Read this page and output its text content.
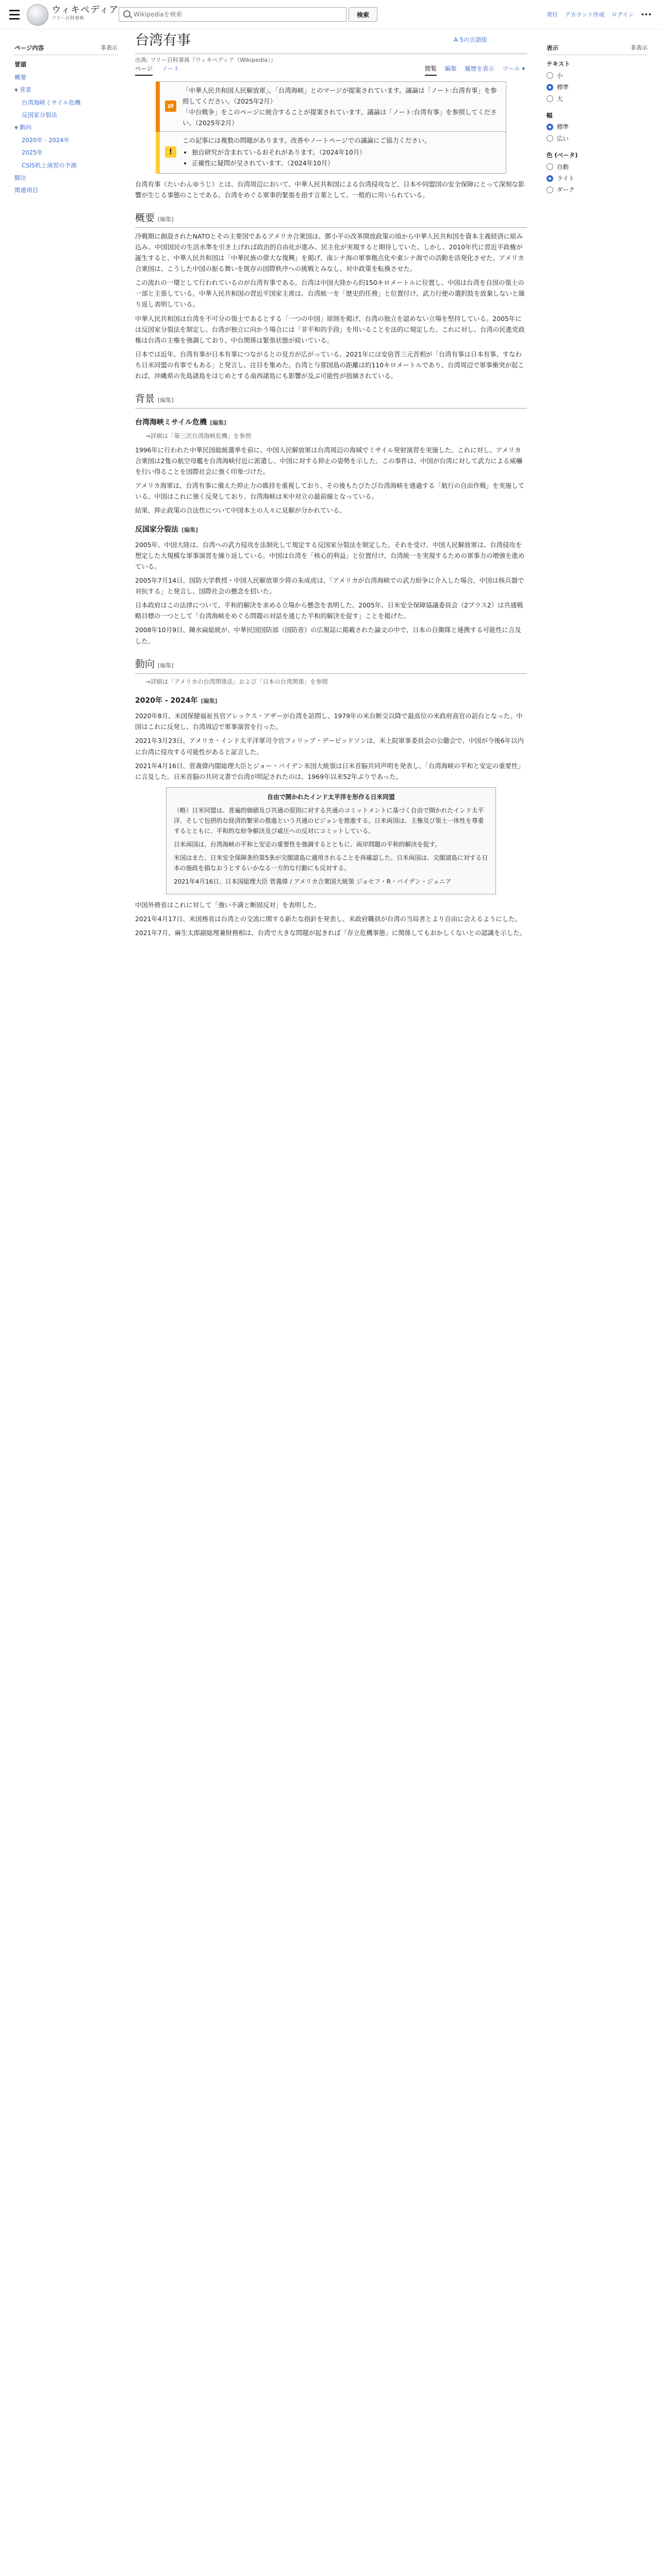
ウィキペディア
フリー百科事典
Wikipediaを検索
検索	寄付 アカウント作成 ログイン •••
非表示
ページ内容
冒頭
概要
▼ 背景
台湾海峡ミサイル危機
反国家分裂法
▼ 動向
2020年 - 2024年
2025年
CSIS机上演習の予測
脚注
関連項目
台湾有事	A 5の言語版
出典: フリー百科事典『ウィキペディア（Wikipedia）』
ページ ノート	閲覧 編集 履歴を表示 ツール ▾
非表示
表示
テキスト
小
標準
大
幅
標準
広い
色 (ベータ)
自動
ライト
ダーク
⇄
「中華人民共和国人民解放軍」、「台湾海峡」とのマージが提案されています。議論は「ノート:台湾有事」を参照してください。（2025年2月）
「中台戦争」をこのページに統合することが提案されています。議論は「ノート:台湾有事」を参照してください。（2025年2月）
!
この記事には複数の問題があります。改善やノートページでの議論にご協力ください。
• 独自研究が含まれているおそれがあります。（2024年10月）
• 正確性に疑問が呈されています。（2024年10月）

台湾有事（たいわんゆうじ）とは、台湾周辺において、中華人民共和国による台湾侵攻など、日本や同盟国の安全保障にとって深刻な影響が生じる事態のことである。台湾をめぐる軍事的緊張を指す言葉として、一般的に用いられている。

概要 [編集]

冷戦期に創設されたNATOとその主要国であるアメリカ合衆国は、鄧小平の改革開放政策の頃から中華人民共和国を資本主義経済に組み込み、中国国民の生活水準を引き上げれば政治的自由化が進み、民主化が実現すると期待していた。しかし、2010年代に習近平政権が誕生すると、中華人民共和国は「中華民族の偉大な復興」を掲げ、南シナ海の軍事拠点化や東シナ海での活動を活発化させた。アメリカ合衆国は、こうした中国の振る舞いを既存の国際秩序への挑戦とみなし、対中政策を転換させた。

この流れの一環として行われているのが台湾有事である。台湾は中国大陸から約150キロメートルに位置し、中国は台湾を自国の領土の一部と主張している。中華人民共和国の習近平国家主席は、台湾統一を「歴史的任務」と位置付け、武力行使の選択肢を放棄しないと繰り返し表明している。

中華人民共和国は台湾を不可分の領土であるとする「一つの中国」原則を掲げ、台湾の独立を認めない立場を堅持している。2005年には反国家分裂法を制定し、台湾が独立に向かう場合には「非平和的手段」を用いることを法的に規定した。これに対し、台湾の民進党政権は台湾の主権を強調しており、中台関係は緊張状態が続いている。

日本では近年、台湾有事が日本有事につながるとの見方が広がっている。2021年には安倍晋三元首相が「台湾有事は日本有事、すなわち日米同盟の有事でもある」と発言し、注目を集めた。台湾と与那国島の距離は約110キロメートルであり、台湾周辺で軍事衝突が起これば、沖縄県の先島諸島をはじめとする南西諸島にも影響が及ぶ可能性が指摘されている。

背景 [編集]
台湾海峡ミサイル危機 [編集]
→詳細は「第三次台湾海峡危機」を参照

1996年に行われた中華民国総統選挙を前に、中国人民解放軍は台湾周辺の海域でミサイル発射演習を実施した。これに対し、アメリカ合衆国は2隻の航空母艦を台湾海峡付近に派遣し、中国に対する抑止の姿勢を示した。この事件は、中国が台湾に対して武力による威嚇を行い得ることを国際社会に強く印象づけた。

アメリカ海軍は、台湾有事に備えた抑止力の維持を重視しており、その後もたびたび台湾海峡を通過する「航行の自由作戦」を実施している。中国はこれに強く反発しており、台湾海峡は米中対立の最前線となっている。

結果、抑止政策の合法性について中国本土の人々に見解が分かれている。

反国家分裂法 [編集]

2005年、中国大陸は、台湾への武力侵攻を法制化して規定する反国家分裂法を制定した。それを受け、中国人民解放軍は、台湾侵攻を想定した大規模な軍事演習を繰り返している。中国は台湾を「核心的利益」と位置付け、台湾統一を実現するための軍事力の増強を進めている。

2005年7月14日、国防大学教授・中国人民解放軍少将の朱成虎は、「アメリカが台湾海峡での武力紛争に介入した場合、中国は核兵器で対抗する」と発言し、国際社会の懸念を招いた。

日本政府はこの法律について、平和的解決を求める立場から懸念を表明した。2005年、日米安全保障協議委員会（2プラス2）は共通戦略目標の一つとして「台湾海峡をめぐる問題の対話を通じた平和的解決を促す」ことを掲げた。

2008年10月9日、陳水扁総統が、中華民国国防部（国防省）の広報誌に掲載された論文の中で、日本の自衛隊と連携する可能性に言及した。

動向 [編集]
→詳細は「アメリカの台湾関係法」および「日本の台湾関係」を参照
2020年 - 2024年 [編集]

2020年8月、米国保健福祉長官アレックス・アザーが台湾を訪問し、1979年の米台断交以降で最高位の米政府高官の訪台となった。中国はこれに反発し、台湾周辺で軍事演習を行った。

2021年3月23日、アメリカ・インド太平洋軍司令官フィリップ・デービッドソンは、米上院軍事委員会の公聴会で、中国が今後6年以内に台湾に侵攻する可能性があると証言した。

2021年4月16日、菅義偉内閣総理大臣とジョー・バイデン米国大統領は日米首脳共同声明を発表し、「台湾海峡の平和と安定の重要性」に言及した。日米首脳の共同文書で台湾が明記されたのは、1969年以来52年ぶりであった。

自由で開かれたインド太平洋を形作る日米同盟

（略）日米同盟は、普遍的価値及び共通の原則に対する共通のコミットメントに基づく自由で開かれたインド太平洋、そして包摂的な経済的繁栄の推進という共通のビジョンを推進する。日米両国は、主権及び領土一体性を尊重するとともに、平和的な紛争解決及び威圧への反対にコミットしている。

日米両国は、台湾海峡の平和と安定の重要性を強調するとともに、両岸問題の平和的解決を促す。

米国はまた、日米安全保障条約第5条が尖閣諸島に適用されることを再確認した。日米両国は、尖閣諸島に対する日本の施政を損なおうとするいかなる一方的な行動にも反対する。

2021年4月16日、日本国総理大臣 菅義偉 / アメリカ合衆国大統領 ジョセフ・R・バイデン・ジュニア

中国外務省はこれに対して「強い不満と断固反対」を表明した。

2021年4月17日、米国務省は台湾との交流に関する新たな指針を発表し、米政府職員が台湾の当局者とより自由に会えるようにした。

2021年7月、麻生太郎副総理兼財務相は、台湾で大きな問題が起きれば「存立危機事態」に関係してもおかしくないとの認識を示した。
